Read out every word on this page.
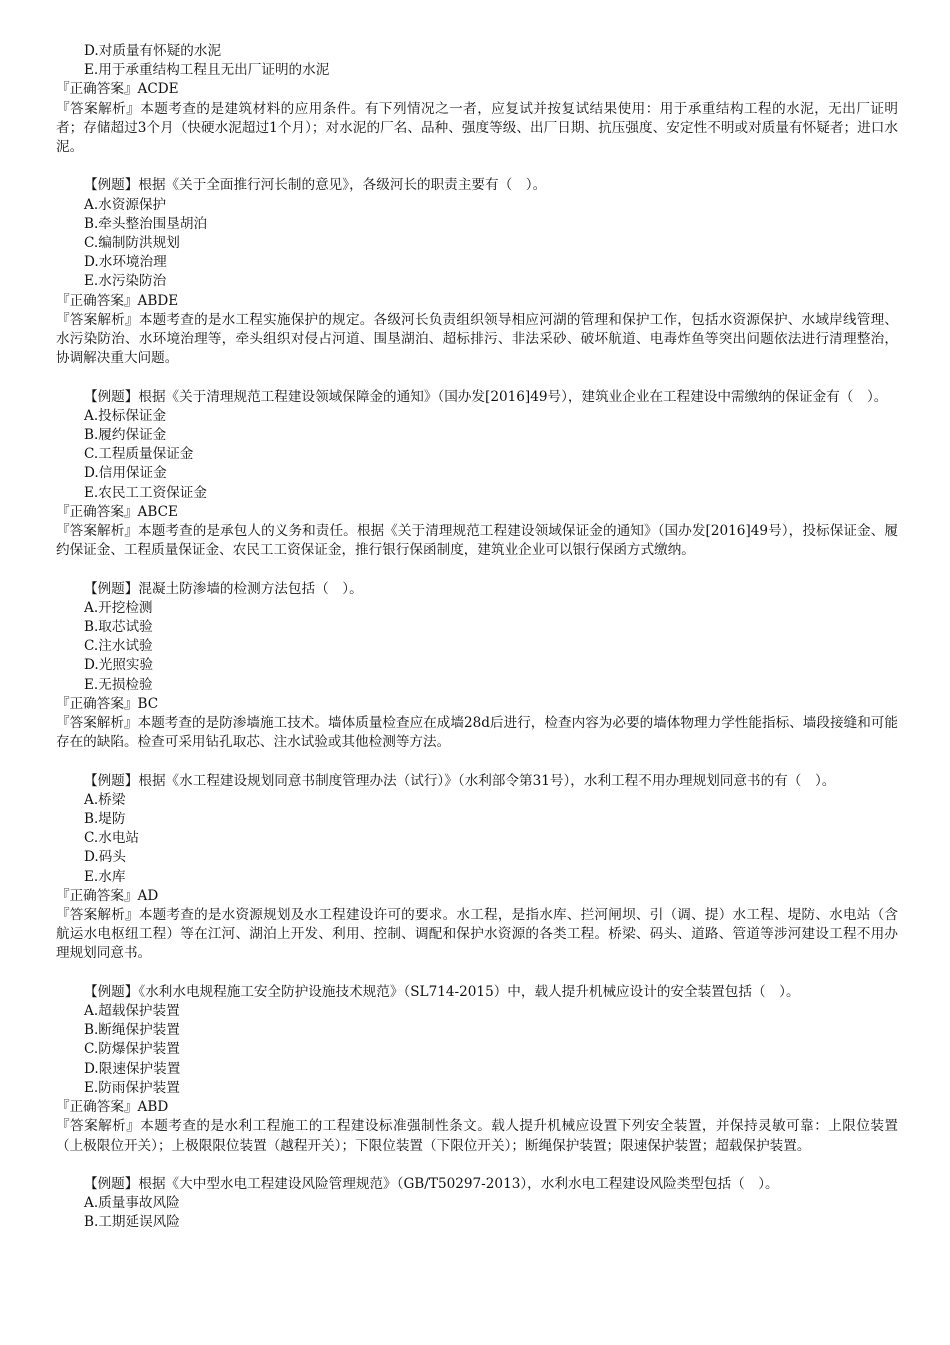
D.对质量有怀疑的水泥
E.用于承重结构工程且无出厂证明的水泥
『正确答案』ACDE
『答案解析』本题考查的是建筑材料的应用条件。有下列情况之一者，应复试并按复试结果使用：用于承重结构工程的水泥，无出厂证明者；存储超过3个月（快硬水泥超过1个月）；对水泥的厂名、品种、强度等级、出厂日期、抗压强度、安定性不明或对质量有怀疑者；进口水泥。
【例题】根据《关于全面推行河长制的意见》，各级河长的职责主要有（　）。
A.水资源保护
B.牵头整治围垦胡泊
C.编制防洪规划
D.水环境治理
E.水污染防治
『正确答案』ABDE
『答案解析』本题考查的是水工程实施保护的规定。各级河长负责组织领导相应河湖的管理和保护工作，包括水资源保护、水域岸线管理、水污染防治、水环境治理等，牵头组织对侵占河道、围垦湖泊、超标排污、非法采砂、破坏航道、电毒炸鱼等突出问题依法进行清理整治，协调解决重大问题。
【例题】根据《关于清理规范工程建设领域保障金的通知》（国办发[2016]49号），建筑业企业在工程建设中需缴纳的保证金有（　）。
A.投标保证金
B.履约保证金
C.工程质量保证金
D.信用保证金
E.农民工工资保证金
『正确答案』ABCE
『答案解析』本题考查的是承包人的义务和责任。根据《关于清理规范工程建设领域保证金的通知》（国办发[2016]49号），投标保证金、履约保证金、工程质量保证金、农民工工资保证金，推行银行保函制度，建筑业企业可以银行保函方式缴纳。
【例题】混凝土防渗墙的检测方法包括（　）。
A.开挖检测
B.取芯试验
C.注水试验
D.光照实验
E.无损检验
『正确答案』BC
『答案解析』本题考查的是防渗墙施工技术。墙体质量检查应在成墙28d后进行，检查内容为必要的墙体物理力学性能指标、墙段接缝和可能存在的缺陷。检查可采用钻孔取芯、注水试验或其他检测等方法。
【例题】根据《水工程建设规划同意书制度管理办法（试行）》（水利部令第31号），水利工程不用办理规划同意书的有（　）。
A.桥梁
B.堤防
C.水电站
D.码头
E.水库
『正确答案』AD
『答案解析』本题考查的是水资源规划及水工程建设许可的要求。水工程，是指水库、拦河闸坝、引（调、提）水工程、堤防、水电站（含航运水电枢纽工程）等在江河、湖泊上开发、利用、控制、调配和保护水资源的各类工程。桥梁、码头、道路、管道等涉河建设工程不用办理规划同意书。
【例题】《水利水电规程施工安全防护设施技术规范》（SL714-2015）中，载人提升机械应设计的安全装置包括（　）。
A.超载保护装置
B.断绳保护装置
C.防爆保护装置
D.限速保护装置
E.防雨保护装置
『正确答案』ABD
『答案解析』本题考查的是水利工程施工的工程建设标准强制性条文。载人提升机械应设置下列安全装置，并保持灵敏可靠：上限位装置（上极限位开关）；上极限限位装置（越程开关）；下限位装置（下限位开关）；断绳保护装置；限速保护装置；超载保护装置。
【例题】根据《大中型水电工程建设风险管理规范》（GB/T50297-2013），水利水电工程建设风险类型包括（　）。
A.质量事故风险
B.工期延误风险
